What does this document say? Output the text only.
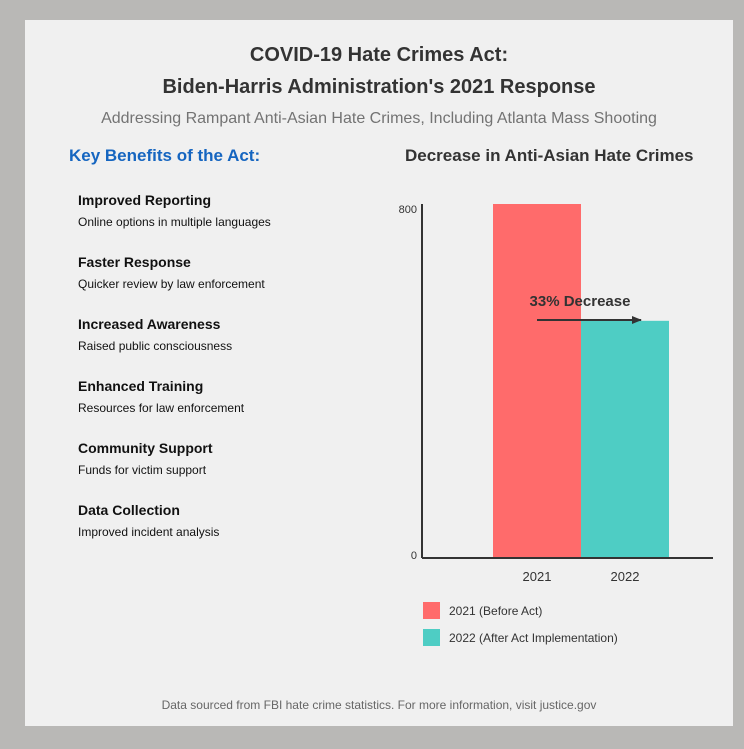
COVID-19 Hate Crimes Act:
Biden-Harris Administration's 2021 Response
Addressing Rampant Anti-Asian Hate Crimes, Including Atlanta Mass Shooting
Key Benefits of the Act:
Improved Reporting
Online options in multiple languages
Faster Response
Quicker review by law enforcement
Increased Awareness
Raised public consciousness
Enhanced Training
Resources for law enforcement
Community Support
Funds for victim support
Data Collection
Improved incident analysis
Decrease in Anti-Asian Hate Crimes
800
0
2021	2022
33% Decrease
2021 (Before Act)
2022 (After Act Implementation)
Data sourced from FBI hate crime statistics. For more information, visit justice.gov
